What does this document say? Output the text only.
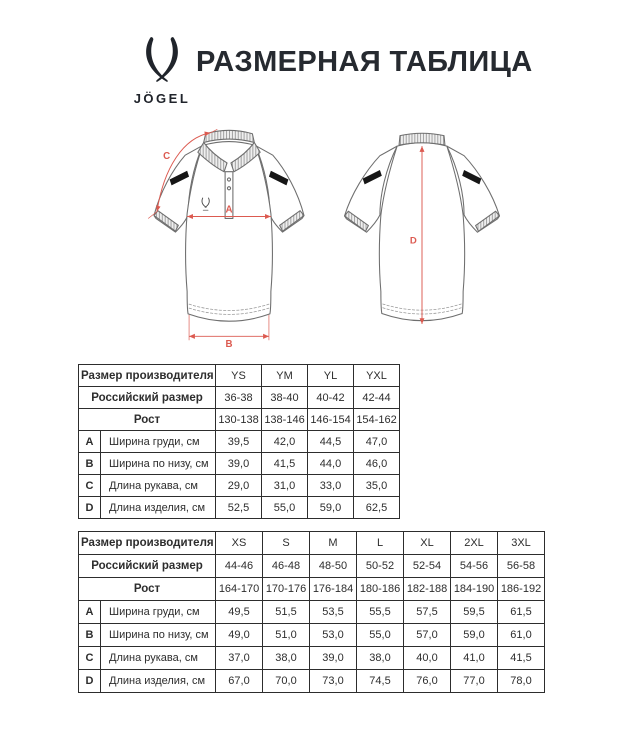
JÖGEL
РАЗМЕРНАЯ ТАБЛИЦА
A
B
C
D
Размер производителя		YS	YM	YL	YXL
Российский размер		36-38	38-40	40-42	42-44
Рост		130-138	138-146	146-154	154-162
A	Ширина груди, см	39,5	42,0	44,5	47,0
B	Ширина по низу, см	39,0	41,5	44,0	46,0
C	Длина рукава, см	29,0	31,0	33,0	35,0
D	Длина изделия, см	52,5	55,0	59,0	62,5
Размер производителя		XS	S	M	L	XL	2XL	3XL
Российский размер		44-46	46-48	48-50	50-52	52-54	54-56	56-58
Рост		164-170	170-176	176-184	180-186	182-188	184-190	186-192
A	Ширина груди, см	49,5	51,5	53,5	55,5	57,5	59,5	61,5
B	Ширина по низу, см	49,0	51,0	53,0	55,0	57,0	59,0	61,0
C	Длина рукава, см	37,0	38,0	39,0	38,0	40,0	41,0	41,5
D	Длина изделия, см	67,0	70,0	73,0	74,5	76,0	77,0	78,0
